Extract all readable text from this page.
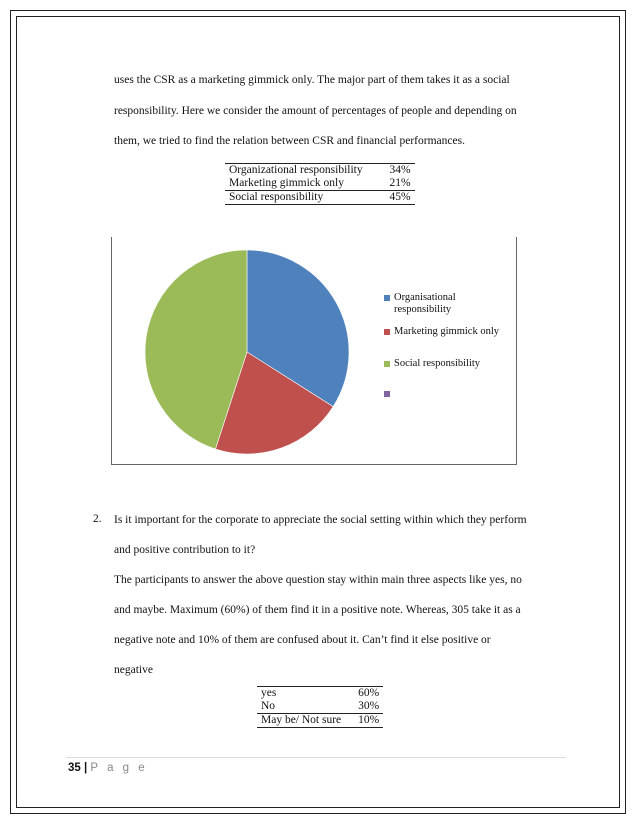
uses the CSR as a marketing gimmick only. The major part of them takes it as a social
responsibility. Here we consider the amount of percentages of people and depending on
them, we tried to find the relation between CSR and financial performances.
Organizational responsibility	34%
Marketing gimmick only	21%
Social responsibility	45%
Organisational
responsibility
Marketing gimmick only
Social responsibility
2. Is it important for the corporate to appreciate the social setting within which they perform
and positive contribution to it?
The participants to answer the above question stay within main three aspects like yes, no
and maybe. Maximum (60%) of them find it in a positive note. Whereas, 305 take it as a
negative note and 10% of them are confused about it. Can’t find it else positive or
negative
yes	60%
No	30%
May be/ Not sure	10%
35 | P a g e
